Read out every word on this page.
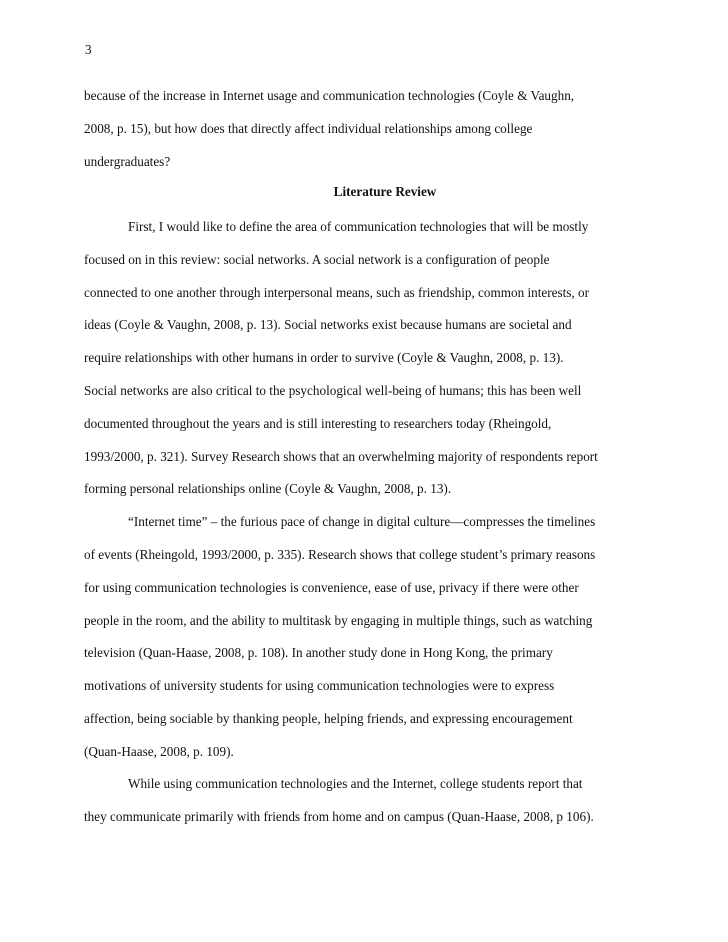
3
because of the increase in Internet usage and communication technologies (Coyle & Vaughn,
2008, p. 15), but how does that directly affect individual relationships among college
undergraduates?
Literature Review
First, I would like to define the area of communication technologies that will be mostly
focused on in this review: social networks. A social network is a configuration of people
connected to one another through interpersonal means, such as friendship, common interests, or
ideas (Coyle & Vaughn, 2008, p. 13). Social networks exist because humans are societal and
require relationships with other humans in order to survive (Coyle & Vaughn, 2008, p. 13).
Social networks are also critical to the psychological well-being of humans; this has been well
documented throughout the years and is still interesting to researchers today (Rheingold,
1993/2000, p. 321). Survey Research shows that an overwhelming majority of respondents report
forming personal relationships online (Coyle & Vaughn, 2008, p. 13).
“Internet time” – the furious pace of change in digital culture—compresses the timelines
of events (Rheingold, 1993/2000, p. 335). Research shows that college student’s primary reasons
for using communication technologies is convenience, ease of use, privacy if there were other
people in the room, and the ability to multitask by engaging in multiple things, such as watching
television (Quan-Haase, 2008, p. 108). In another study done in Hong Kong, the primary
motivations of university students for using communication technologies were to express
affection, being sociable by thanking people, helping friends, and expressing encouragement
(Quan-Haase, 2008, p. 109).
While using communication technologies and the Internet, college students report that
they communicate primarily with friends from home and on campus (Quan-Haase, 2008, p 106).
